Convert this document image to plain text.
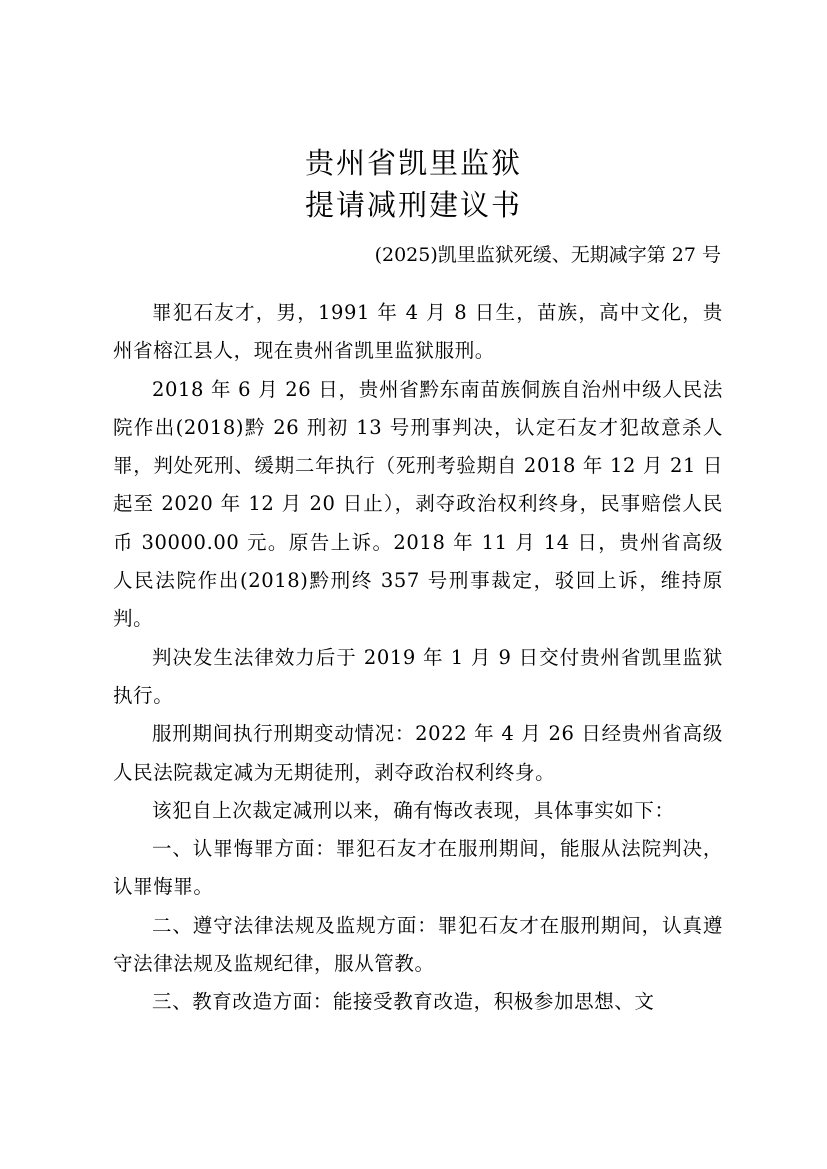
贵州省凯里监狱
提请减刑建议书
(2025)凯里监狱死缓、无期减字第 27 号

罪犯石友才，男，1991 年 4 月 8 日生，苗族，高中文化，贵州省榕江县人，现在贵州省凯里监狱服刑。

2018 年 6 月 26 日，贵州省黔东南苗族侗族自治州中级人民法院作出(2018)黔 26 刑初 13 号刑事判决，认定石友才犯故意杀人罪，判处死刑、缓期二年执行（死刑考验期自 2018 年 12 月 21 日起至 2020 年 12 月 20 日止），剥夺政治权利终身，民事赔偿人民币 30000.00 元。原告上诉。2018 年 11 月 14 日，贵州省高级人民法院作出(2018)黔刑终 357 号刑事裁定，驳回上诉，维持原判。

判决发生法律效力后于 2019 年 1 月 9 日交付贵州省凯里监狱执行。

服刑期间执行刑期变动情况：2022 年 4 月 26 日经贵州省高级人民法院裁定减为无期徒刑，剥夺政治权利终身。

该犯自上次裁定减刑以来，确有悔改表现，具体事实如下：

一、认罪悔罪方面：罪犯石友才在服刑期间，能服从法院判决，认罪悔罪。

二、遵守法律法规及监规方面：罪犯石友才在服刑期间，认真遵守法律法规及监规纪律，服从管教。

三、教育改造方面：能接受教育改造，积极参加思想、文
